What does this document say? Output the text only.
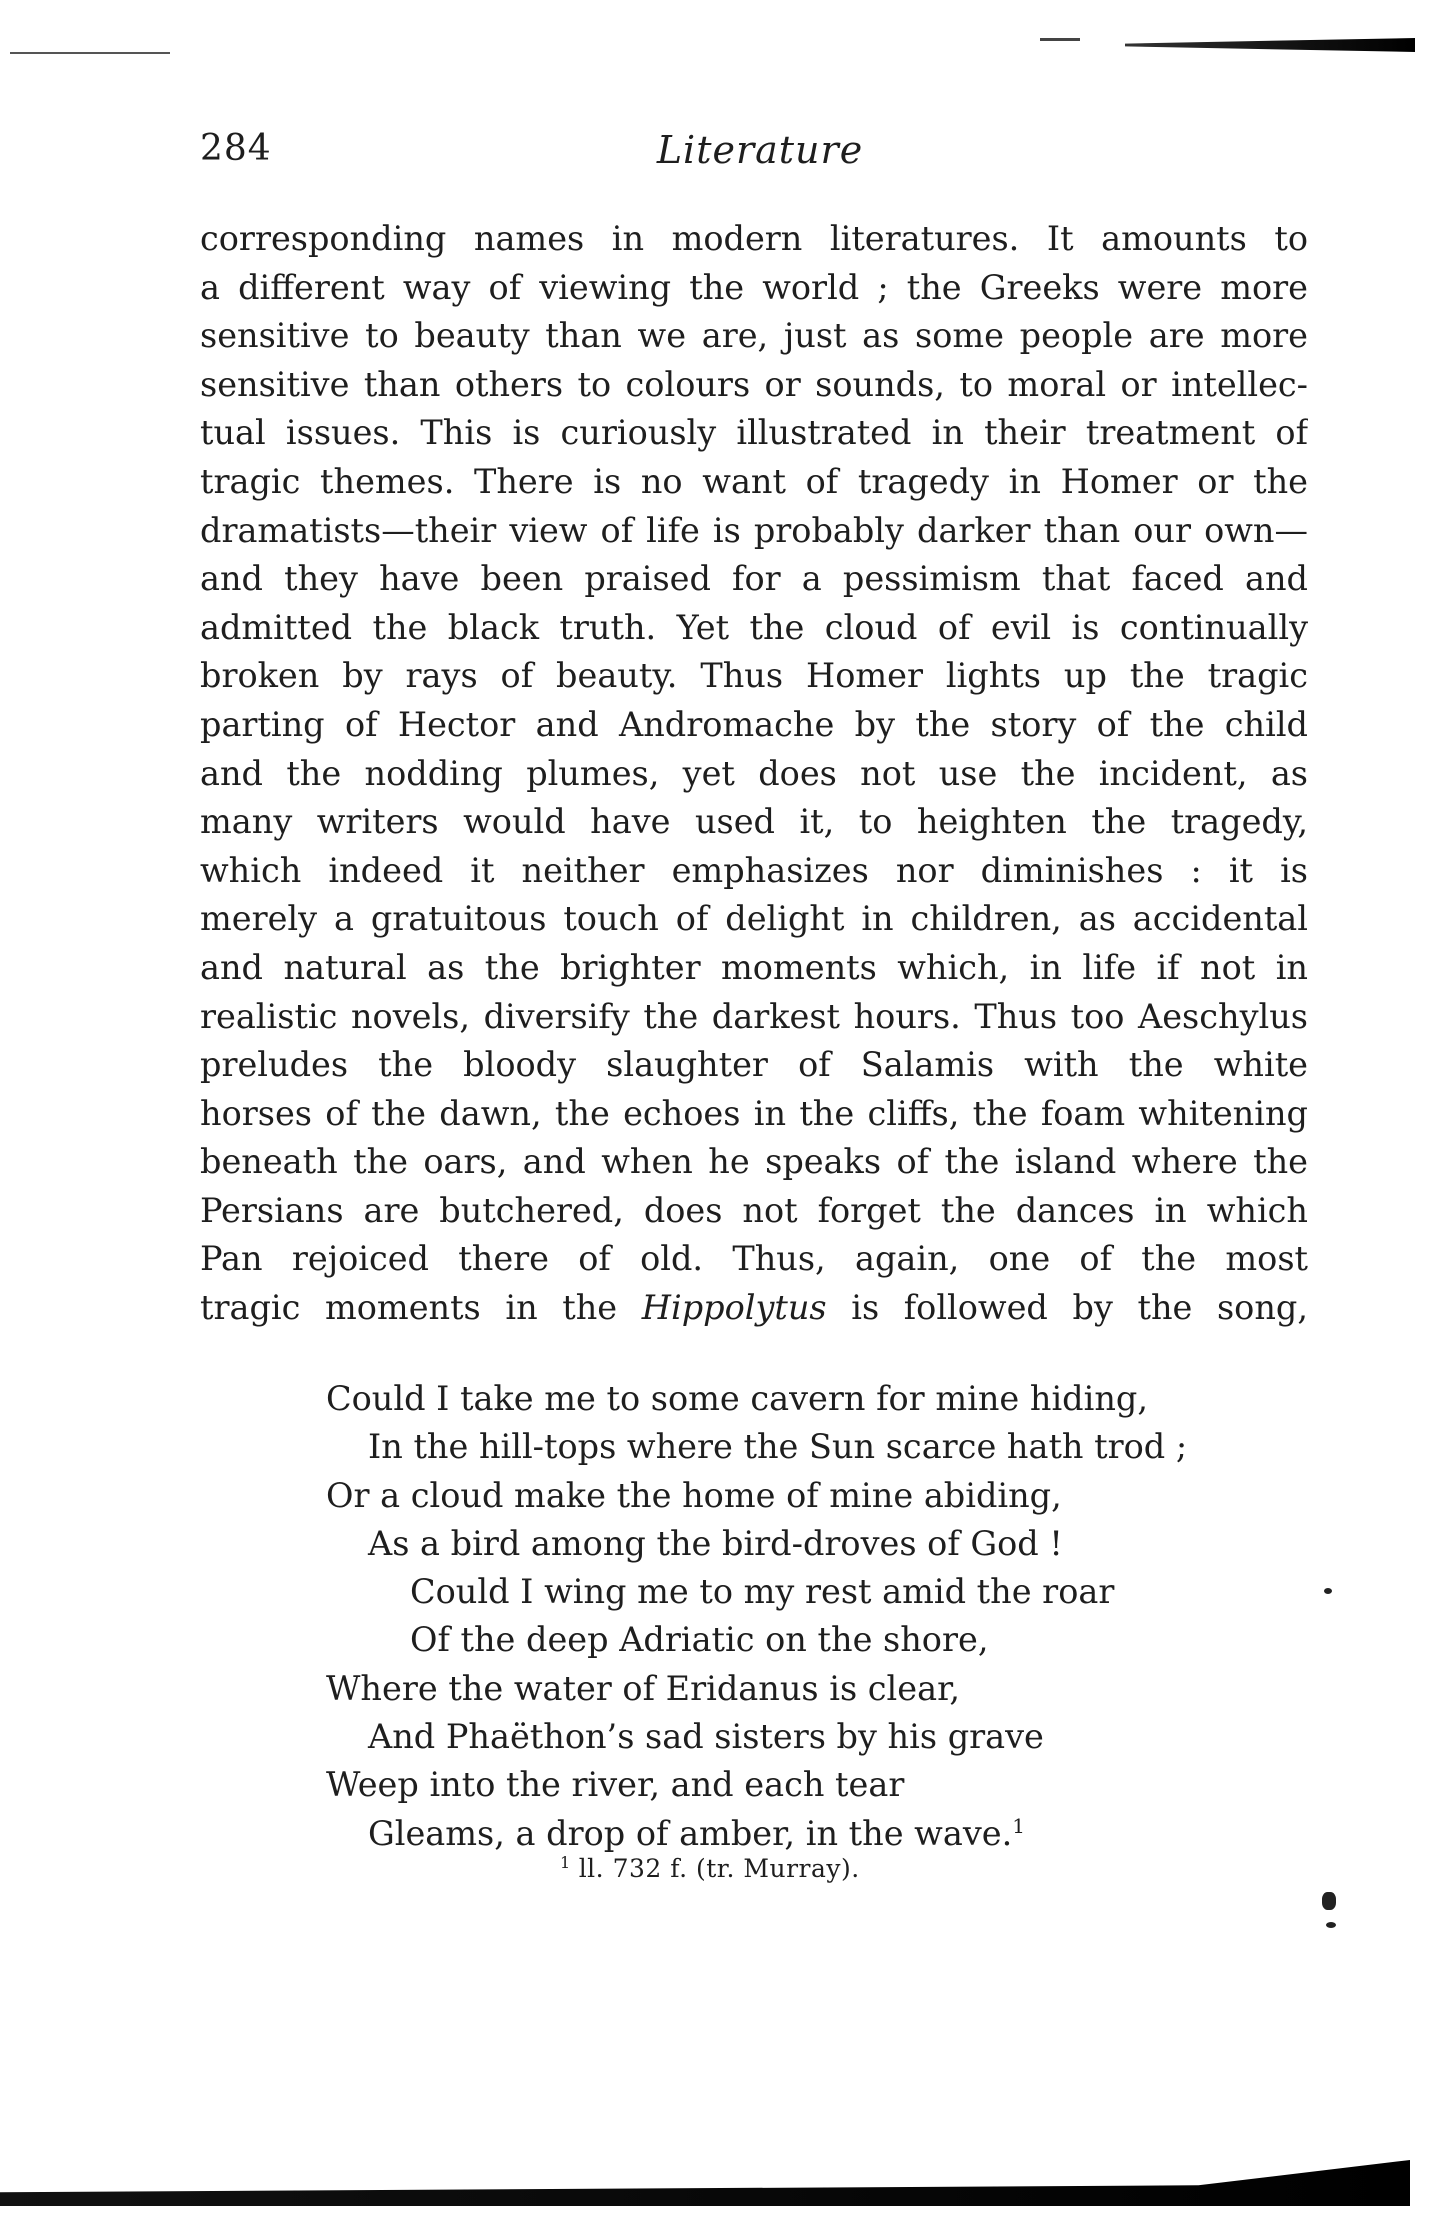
284	Literature
corresponding names in modern literatures. It amounts to
a different way of viewing the world ; the Greeks were more
sensitive to beauty than we are, just as some people are more
sensitive than others to colours or sounds, to moral or intellec-
tual issues. This is curiously illustrated in their treatment of
tragic themes. There is no want of tragedy in Homer or the
dramatists—their view of life is probably darker than our own—
and they have been praised for a pessimism that faced and
admitted the black truth. Yet the cloud of evil is continually
broken by rays of beauty. Thus Homer lights up the tragic
parting of Hector and Andromache by the story of the child
and the nodding plumes, yet does not use the incident, as
many writers would have used it, to heighten the tragedy,
which indeed it neither emphasizes nor diminishes : it is
merely a gratuitous touch of delight in children, as accidental
and natural as the brighter moments which, in life if not in
realistic novels, diversify the darkest hours. Thus too Aeschylus
preludes the bloody slaughter of Salamis with the white
horses of the dawn, the echoes in the cliffs, the foam whitening
beneath the oars, and when he speaks of the island where the
Persians are butchered, does not forget the dances in which
Pan rejoiced there of old. Thus, again, one of the most
tragic moments in the Hippolytus is followed by the song,
Could I take me to some cavern for mine hiding,
In the hill-tops where the Sun scarce hath trod ;
Or a cloud make the home of mine abiding,
As a bird among the bird-droves of God !
Could I wing me to my rest amid the roar
Of the deep Adriatic on the shore,
Where the water of Eridanus is clear,
And Phaëthon’s sad sisters by his grave
Weep into the river, and each tear
Gleams, a drop of amber, in the wave.$^1$
$^1$ ll. 732 f. (tr. Murray).
